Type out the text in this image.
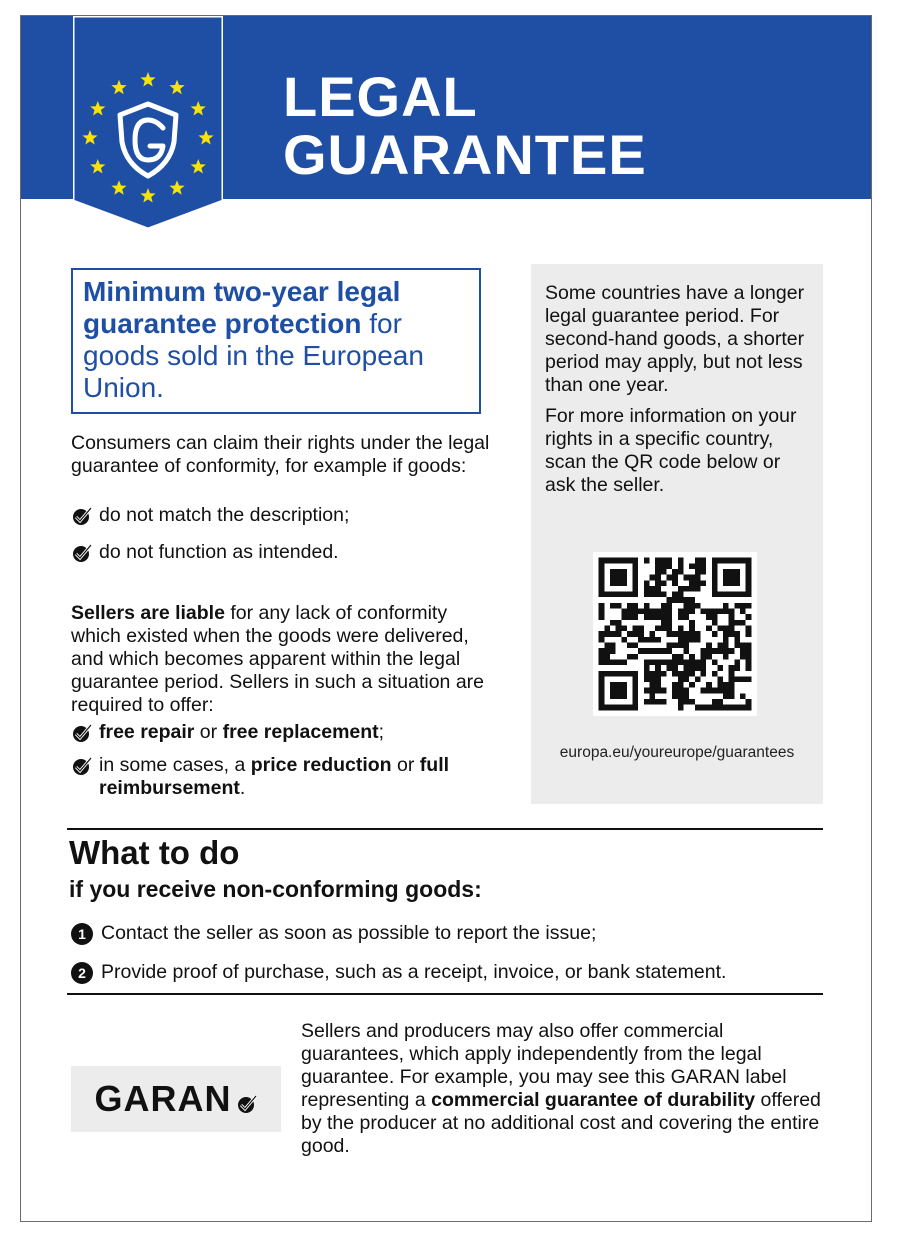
LEGAL
GUARANTEE
Minimum two-year legal guarantee protection for goods sold in the European Union.
Consumers can claim their rights under the legal guarantee of conformity, for example if goods:
do not match the description;
do not function as intended.
Sellers are liable for any lack of conformity which existed when the goods were delivered, and which becomes apparent within the legal guarantee period. Sellers in such a situation are required to offer:
free repair or free replacement;
in some cases, a price reduction or full reimbursement.

Some countries have a longer legal guarantee period. For second-hand goods, a shorter period may apply, but not less than one year.

For more information on your rights in a specific country, scan the QR code below or ask the seller.

europa.eu/youreurope/guarantees
What to do
if you receive non-conforming goods:
1 Contact the seller as soon as possible to report the issue;
2 Provide proof of purchase, such as a receipt, invoice, or bank statement.
GARAN
Sellers and producers may also offer commercial guarantees, which apply independently from the legal guarantee. For example, you may see this GARAN label representing a commercial guarantee of durability offered by the producer at no additional cost and covering the entire good.
